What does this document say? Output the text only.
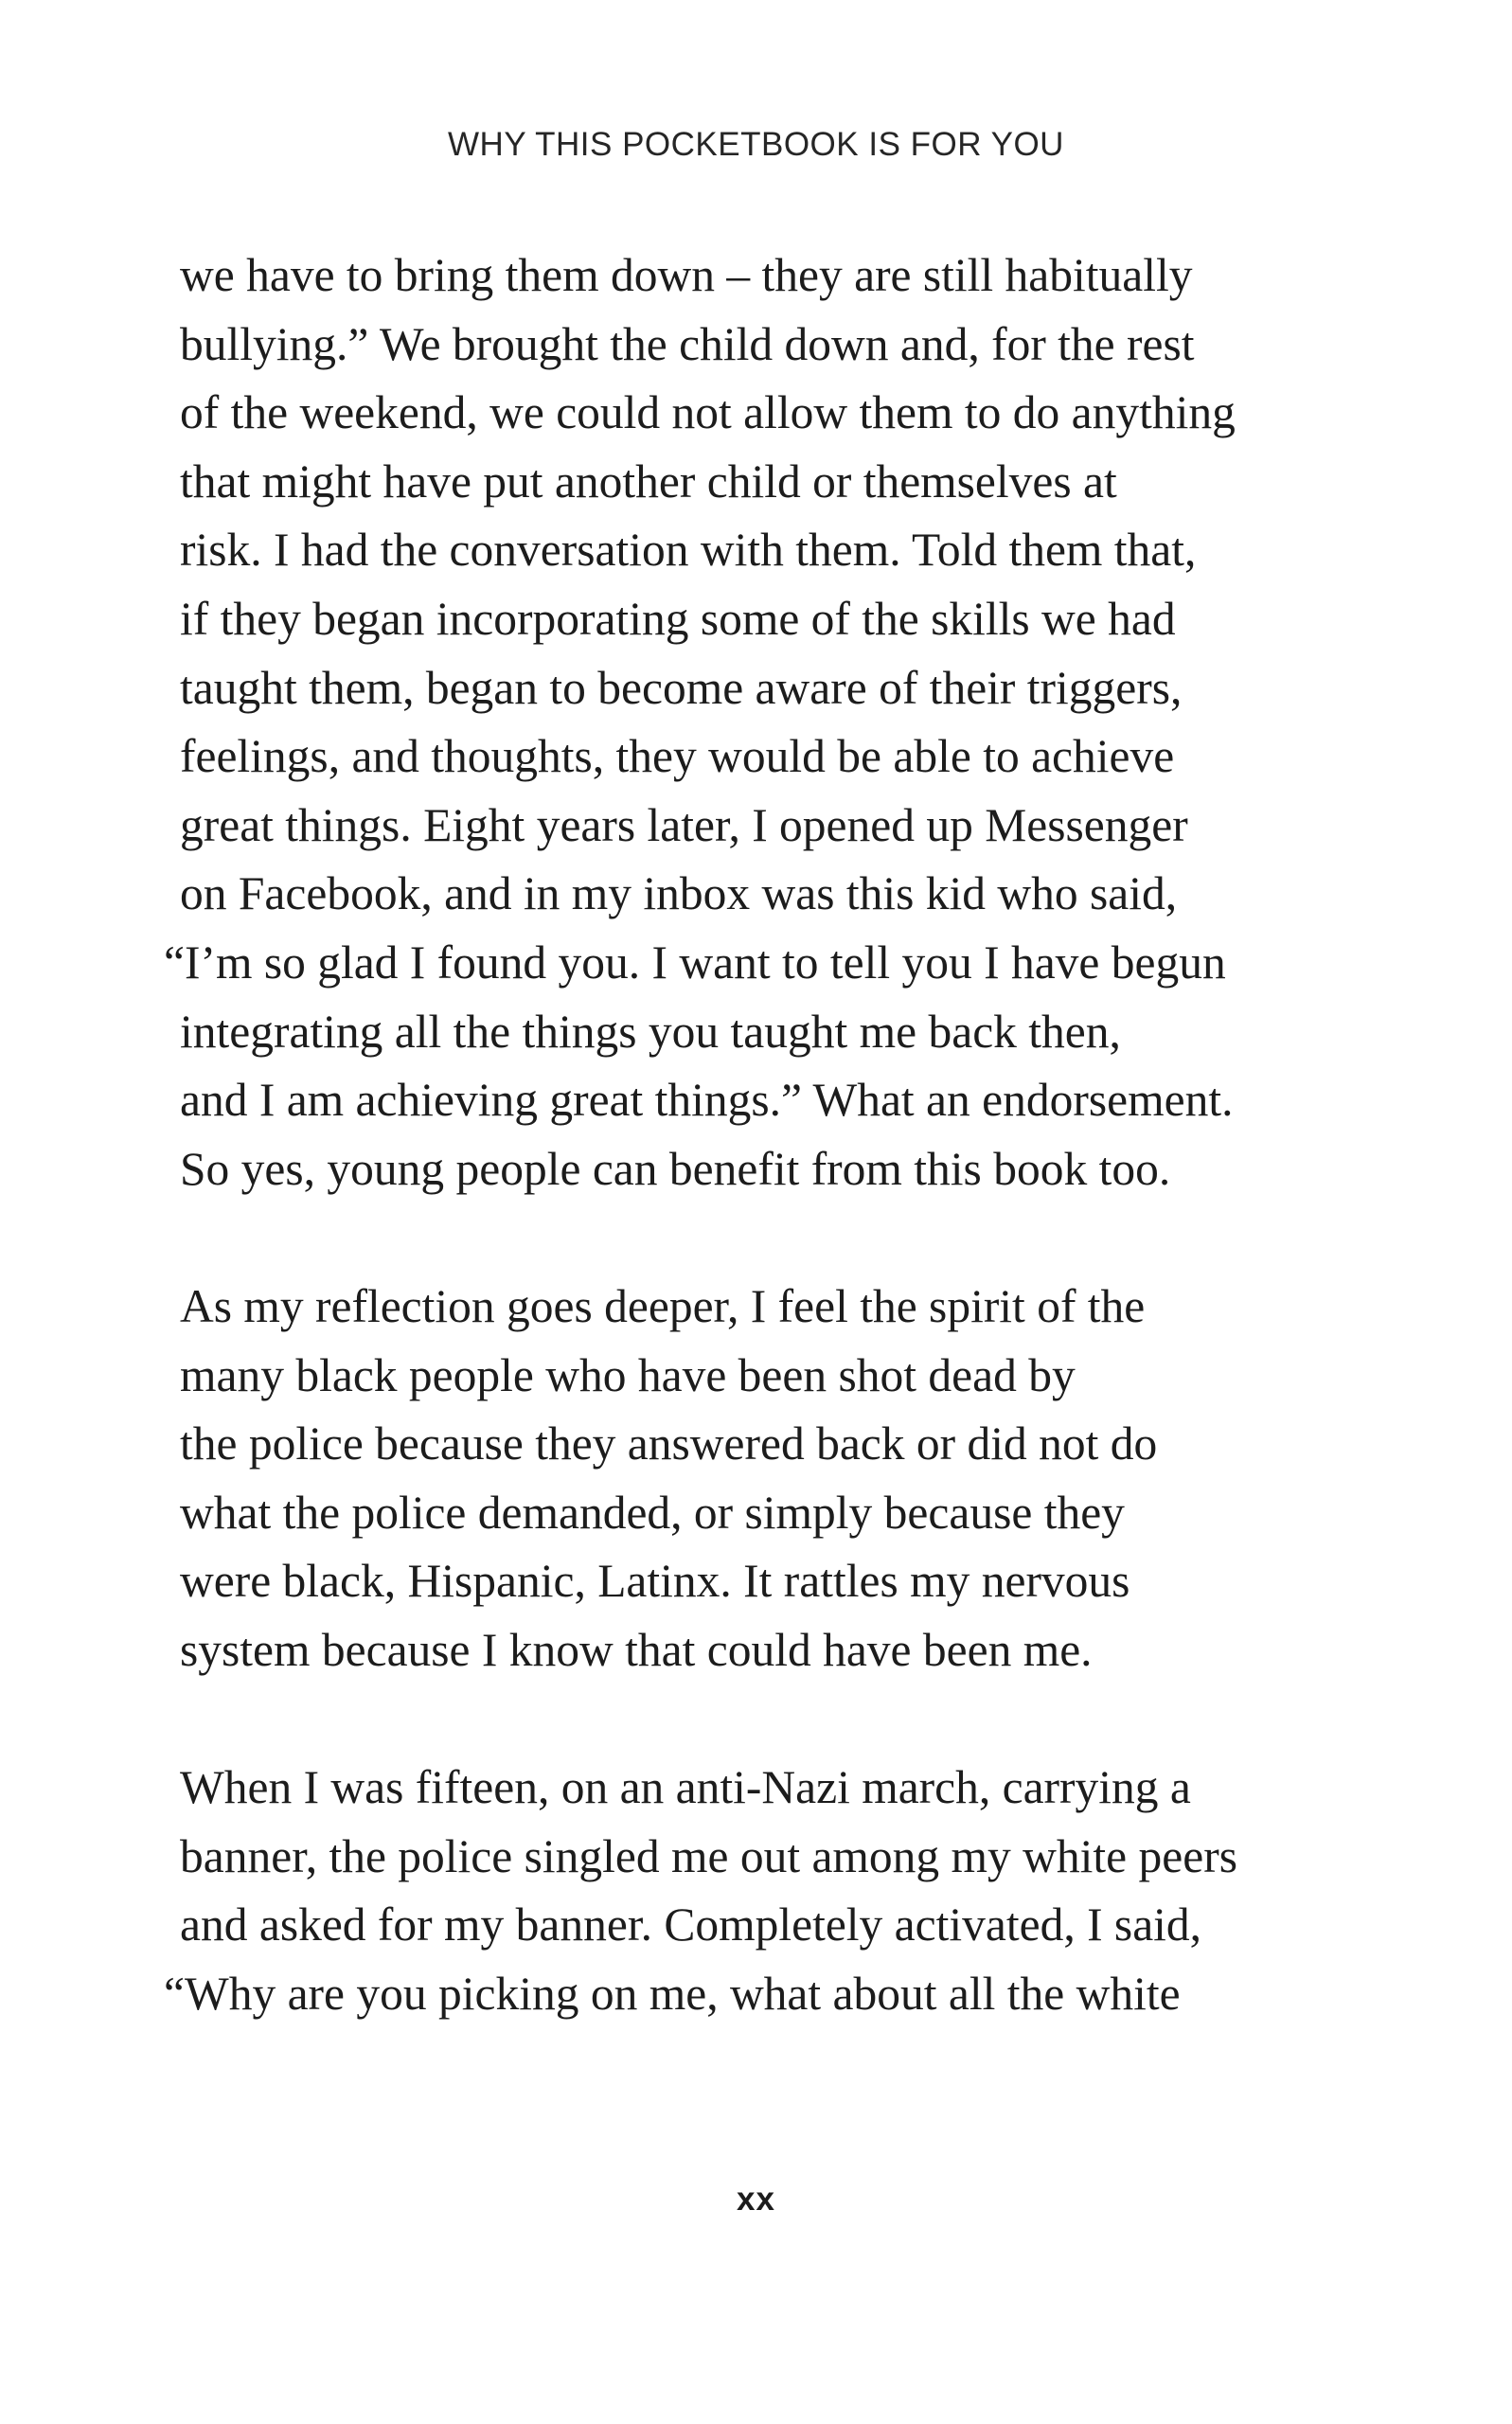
WHY THIS POCKETBOOK IS FOR YOU
we have to bring them down – they are still habitually
bullying.” We brought the child down and, for the rest
of the weekend, we could not allow them to do anything
that might have put another child or themselves at
risk. I had the conversation with them. Told them that,
if they began incorporating some of the skills we had
taught them, began to become aware of their triggers,
feelings, and thoughts, they would be able to achieve
great things. Eight years later, I opened up Messenger
on Facebook, and in my inbox was this kid who said,
“I’m so glad I found you. I want to tell you I have begun
integrating all the things you taught me back then,
and I am achieving great things.” What an endorsement.
So yes, young people can benefit from this book too.
As my reflection goes deeper, I feel the spirit of the
many black people who have been shot dead by
the police because they answered back or did not do
what the police demanded, or simply because they
were black, Hispanic, Latinx. It rattles my nervous
system because I know that could have been me.
When I was fifteen, on an anti-Nazi march, carrying a
banner, the police singled me out among my white peers
and asked for my banner. Completely activated, I said,
“Why are you picking on me, what about all the white
xx
